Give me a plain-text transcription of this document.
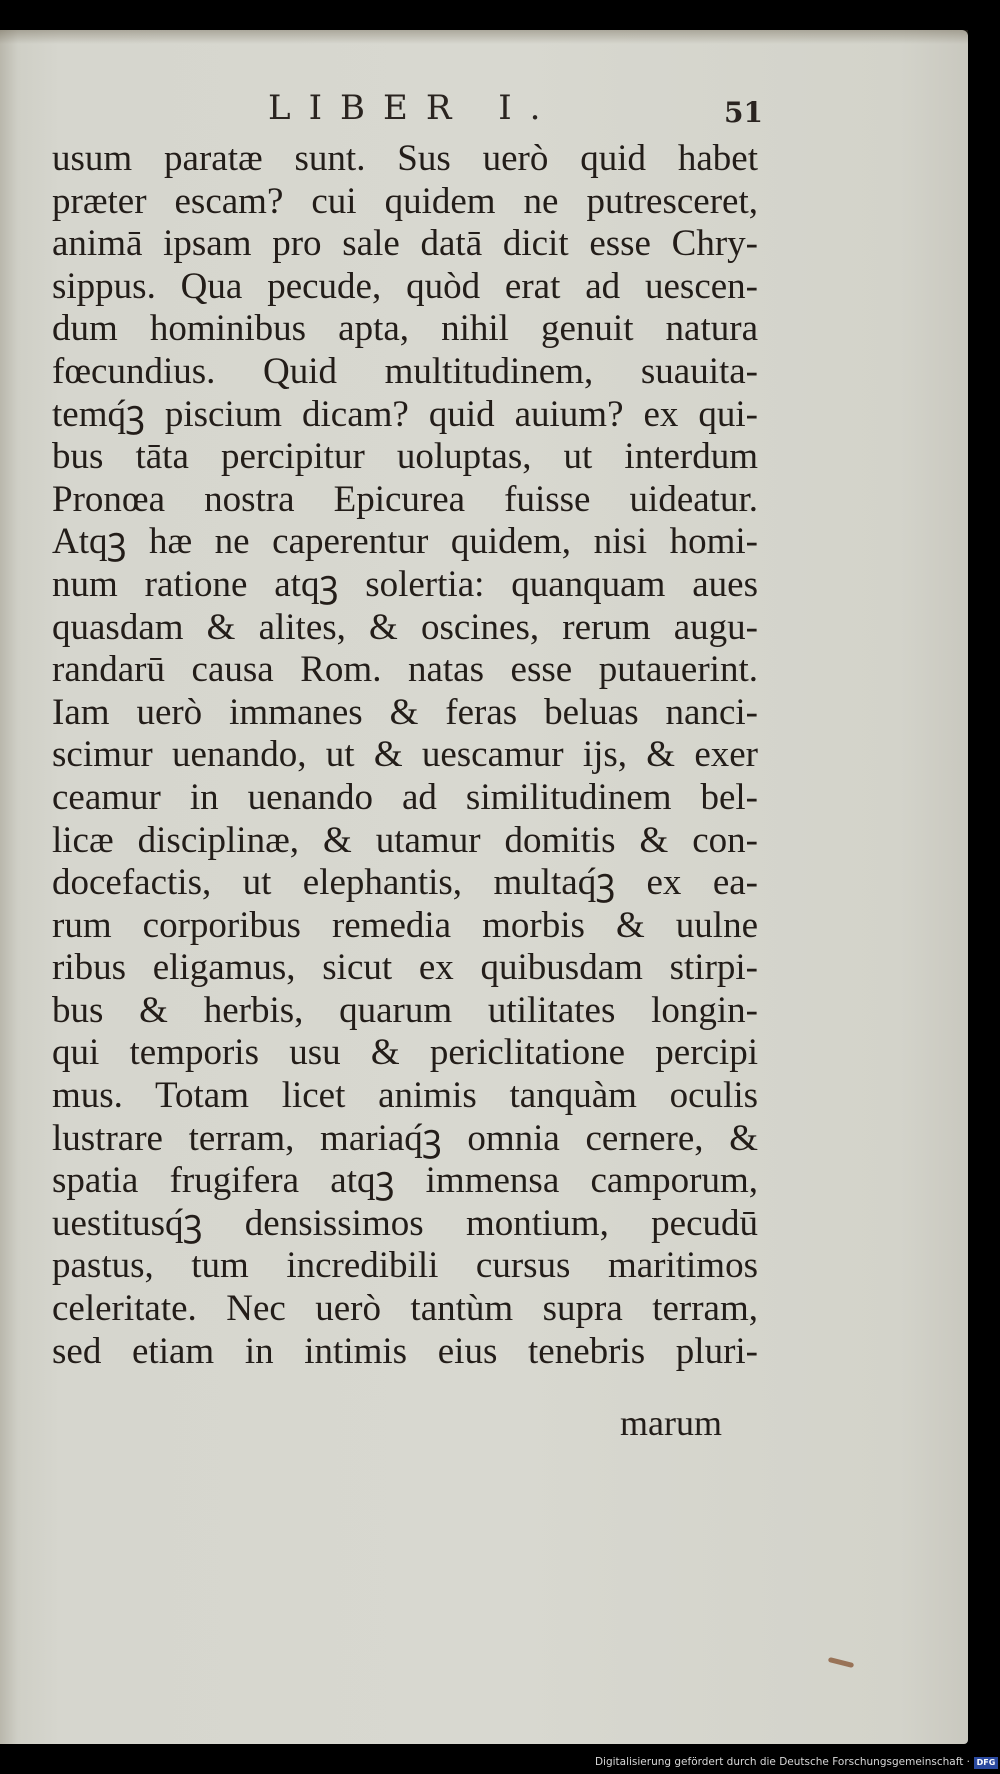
LIBER I.	51
usum paratæ sunt. Sus uerò quid habet
præter escam? cui quidem ne putresceret,
animā ipsam pro sale datā dicit esse Chry-
sippus. Qua pecude, quòd erat ad uescen-
dum hominibus apta, nihil genuit natura
fœcundius. Quid multitudinem, suauita-
temq́ꝫ piscium dicam? quid auium? ex qui-
bus tāta percipitur uoluptas, ut interdum
Pronœa nostra Epicurea fuisse uideatur.
Atqꝫ hæ ne caperentur quidem, nisi homi-
num ratione atqꝫ solertia: quanquam aues
quasdam & alites, & oscines, rerum augu-
randarū causa Rom. natas esse putauerint.
Iam uerò immanes & feras beluas nanci-
scimur uenando, ut & uescamur ijs, & exer
ceamur in uenando ad similitudinem bel-
licæ disciplinæ, & utamur domitis & con-
docefactis, ut elephantis, multaq́ꝫ ex ea-
rum corporibus remedia morbis & uulne
ribus eligamus, sicut ex quibusdam stirpi-
bus & herbis, quarum utilitates longin-
qui temporis usu & periclitatione percipi
mus. Totam licet animis tanquàm oculis
lustrare terram, mariaq́ꝫ omnia cernere, &
spatia frugifera atqꝫ immensa camporum,
uestitusq́ꝫ densissimos montium, pecudū
pastus, tum incredibili cursus maritimos
celeritate. Nec uerò tantùm supra terram,
sed etiam in intimis eius tenebris pluri-
marum
Digitalisierung gefördert durch die Deutsche Forschungsgemeinschaft · DFG
